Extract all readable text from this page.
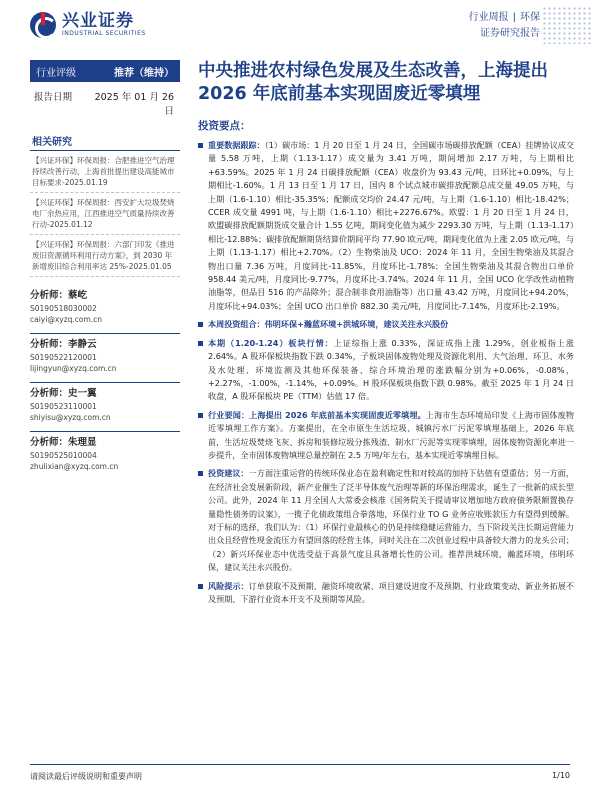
兴业证券
INDUSTRIAL SECURITIES
行业周报 | 环保
证券研究报告
行业评级	推荐（维持）
报告日期	2025 年 01 月 26 日
相关研究
【兴证环保】环保周报：合肥推进空气治理持续改善行动，上海首批提出建设高能城市目标要求-2025.01.19
【兴证环保】环保周报：西安扩大垃圾焚烧电厂余热应用，江西推进空气质量持续改善行动-2025.01.12
【兴证环保】环保周报：六部门印发《推进废旧资源循环利用行动方案》，到 2030 年新增废旧综合利用率达 25%-2025.01.05
分析师：蔡屹
S0190518030002
caiyi@xyzq.com.cn
分析师：李静云
S0190522120001
lijingyun@xyzq.com.cn
分析师：史一翼
S0190523110001
shiyisu@xyzq.com.cn
分析师：朱理显
S0190525010004
zhulixian@xyzq.com.cn
中央推进农村绿色发展及生态改善，上海提出
2026 年底前基本实现固废近零填埋
投资要点：
重要数据跟踪：（1）碳市场：1 月 20 日至 1 月 24 日，全国碳市场碳排放配额（CEA）挂牌协议成交量 5.58 万吨，上期（1.13-1.17）成交量为 3.41 万吨，期间增加 2.17 万吨，与上期相比+63.59%。2025 年 1 月 24 日碳排放配额（CEA）收盘价为 93.43 元/吨，日环比+0.09%，与上期相比-1.60%。1 月 13 日至 1 月 17 日，国内 8 个试点城市碳排放配额总成交量 49.05 万吨，与上期（1.6-1.10）相比-35.35%；配额成交均价 24.47 元/吨，与上期（1.6-1.10）相比-18.42%；CCER 成交量 4991 吨，与上期（1.6-1.10）相比+2276.67%。欧盟：1 月 20 日至 1 月 24 日，欧盟碳排放配额期货成交量合计 1.55 亿吨，期间变化值为减少 2293.30 万吨，与上期（1.13-1.17）相比-12.88%；碳排放配额期货结算价期间平均 77.90 欧元/吨，期间变化值为上涨 2.05 欧元/吨，与上期（1.13-1.17）相比+2.70%。（2）生物柴油及 UCO：2024 年 11 月，全国生物柴油及其混合物出口量 7.36 万吨，月度同比-11.85%，月度环比-1.78%；全国生物柴油及其混合物出口单价 958.44 美元/吨，月度同比-9.77%，月度环比-3.74%。2024 年 11 月，全国 UCO 化学改性动植物油脂等，但品目 516 的产品除外；混合制非食用油脂等）出口量 43.42 万吨，月度同比+94.20%，月度环比+94.03%；全国 UCO 出口单价 882.30 美元/吨，月度同比-7.14%，月度环比-2.19%。
本周投资组合：伟明环保+瀚蓝环境+洪城环境，建议关注永兴股份
本期（1.20-1.24）板块行情：上证综指上涨 0.33%，深证成指上涨 1.29%，创业板指上涨 2.64%。A 股环保板块指数下跌 0.34%，子板块固体废物处理及资源化利用、大气治理、环卫、水务及水处理、环境监测及其他环保装备、综合环境治理的涨跌幅分别为+0.06%，-0.08%，+2.27%，-1.00%，-1.14%，+0.09%。H 股环保板块指数下跌 0.98%。截至 2025 年 1 月 24 日收盘，A 股环保板块 PE（TTM）估值 17 倍。
行业要闻：上海提出 2026 年底前基本实现固废近零填埋。上海市生态环境局印发《上海市固体废物近零填埋工作方案》。方案提出，在全市原生生活垃圾、城镇污水厂污泥零填埋基础上，2026 年底前，生活垃圾焚烧飞灰、拆房和装修垃圾分拣残渣、制水厂污泥等实现零填埋，固体废物资源化率进一步提升，全市固体废物填埋总量控制在 2.5 万吨/年左右，基本实现近零填埋目标。
投资建议：一方面注重运营的传统环保业态在盈利确定性和对较高的加持下估值有望重估；另一方面，在经济社会发展新阶段，新产业催生了泛半导体废气治理等新的环保治理需求，诞生了一批新的成长型公司。此外，2024 年 11 月全国人大常委会核准《国务院关于提请审议增加地方政府债务限额置换存量隐性债务的议案》，一揽子化债政策组合拳落地，环保行业 TO G 业务应收账款压力有望得到缓解。对于标的选择，我们认为：（1）环保行业最核心的仍是持续稳健运营能力，当下阶段关注长期运营能力出众且经营性现金流压力有望回落的经营主体，同时关注在二次创业过程中具备较大潜力的龙头公司；（2）新兴环保业态中优选受益于高景气度且具备增长性的公司。推荐洪城环境，瀚蓝环境，伟明环保，建议关注永兴股份。
风险提示：订单获取不及预期、融资环境收紧、项目建设进度不及预期、行业政策变动、新业务拓展不及预期、下游行业资本开支不及预期等风险。
请阅读最后评级说明和重要声明	1/10
